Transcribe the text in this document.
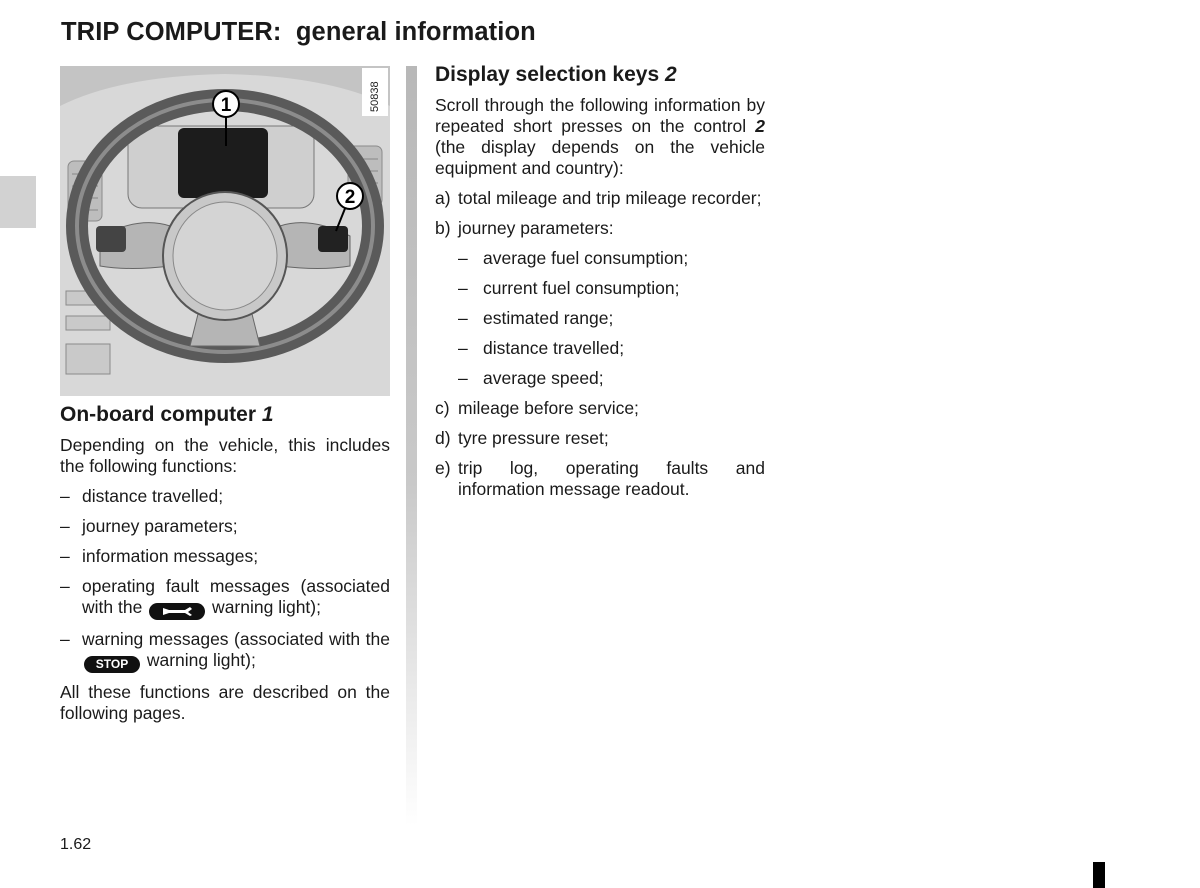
TRIP COMPUTER:  general information
1
2
50838
On-board computer 1

Depending on the vehicle, this includes the following functions:

– distance travelled;
– journey parameters;
– information messages;
– operating fault messages (associated with the	warning light);
– warning messages (associated with the STOP warning light);

All these functions are described on the following pages.

Display selection keys 2

Scroll through the following information by repeated short presses on the control 2 (the display depends on the vehicle equipment and country):

a) total mileage and trip mileage recorder;
b) journey parameters:
– average fuel consumption;
– current fuel consumption;
– estimated range;
– distance travelled;
– average speed;
c) mileage before service;
d) tyre pressure reset;
e) trip log, operating faults and information message readout.
1.62
